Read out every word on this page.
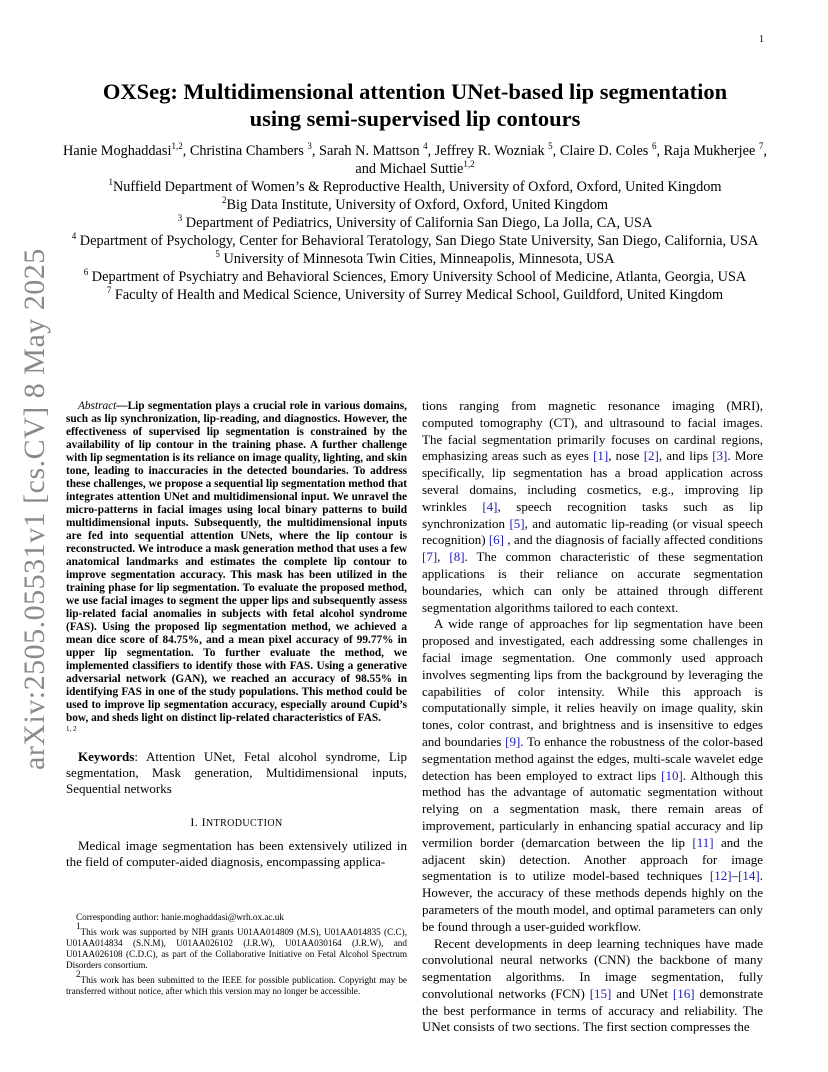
1
arXiv:2505.05531v1 [cs.CV] 8 May 2025
OXSeg: Multidimensional attention UNet-based lip segmentation
using semi-supervised lip contours
Hanie Moghaddasi$^{1,2}$, Christina Chambers $^3$, Sarah N. Mattson $^4$, Jeffrey R. Wozniak $^5$, Claire D. Coles $^6$, Raja Mukherjee $^7$, and Michael Suttie$^{1,2}$
$^1$Nuffield Department of Women’s & Reproductive Health, University of Oxford, Oxford, United Kingdom
$^2$Big Data Institute, University of Oxford, Oxford, United Kingdom
$^3$ Department of Pediatrics, University of California San Diego, La Jolla, CA, USA
$^4$ Department of Psychology, Center for Behavioral Teratology, San Diego State University, San Diego, California, USA
$^5$ University of Minnesota Twin Cities, Minneapolis, Minnesota, USA
$^6$ Department of Psychiatry and Behavioral Sciences, Emory University School of Medicine, Atlanta, Georgia, USA
$^7$ Faculty of Health and Medical Science, University of Surrey Medical School, Guildford, United Kingdom

Abstract—Lip segmentation plays a crucial role in various domains, such as lip synchronization, lip-reading, and diagnostics. However, the effectiveness of supervised lip segmentation is constrained by the availability of lip contour in the training phase. A further challenge with lip segmentation is its reliance on image quality, lighting, and skin tone, leading to inaccuracies in the detected boundaries. To address these challenges, we propose a sequential lip segmentation method that integrates attention UNet and multidimensional input. We unravel the micro-patterns in facial images using local binary patterns to build multidimensional inputs. Subsequently, the multidimensional inputs are fed into sequential attention UNets, where the lip contour is reconstructed. We introduce a mask generation method that uses a few anatomical landmarks and estimates the complete lip contour to improve segmentation accuracy. This mask has been utilized in the training phase for lip segmentation. To evaluate the proposed method, we use facial images to segment the upper lips and subsequently assess lip-related facial anomalies in subjects with fetal alcohol syndrome (FAS). Using the proposed lip segmentation method, we achieved a mean dice score of 84.75%, and a mean pixel accuracy of 99.77% in upper lip segmentation. To further evaluate the method, we implemented classifiers to identify those with FAS. Using a generative adversarial network (GAN), we reached an accuracy of 98.55% in identifying FAS in one of the study populations. This method could be used to improve lip segmentation accuracy, especially around Cupid’s bow, and sheds light on distinct lip-related characteristics of FAS.

1, 2
Keywords: Attention UNet, Fetal alcohol syndrome, Lip segmentation, Mask generation, Multidimensional inputs, Sequential networks
I. INTRODUCTION
Medical image segmentation has been extensively utilized in the field of computer-aided diagnosis, encompassing applica-

Corresponding author: hanie.moghaddasi@wrh.ox.ac.uk

$^1$This work was supported by NIH grants U01AA014809 (M.S), U01AA014835 (C.C), U01AA014834 (S.N.M), U01AA026102 (J.R.W), U01AA030164 (J.R.W), and U01AA026108 (C.D.C), as part of the Collaborative Initiative on Fetal Alcohol Spectrum Disorders consortium.

$^2$This work has been submitted to the IEEE for possible publication. Copyright may be transferred without notice, after which this version may no longer be accessible.

tions ranging from magnetic resonance imaging (MRI), computed tomography (CT), and ultrasound to facial images. The facial segmentation primarily focuses on cardinal regions, emphasizing areas such as eyes [1], nose [2], and lips [3]. More specifically, lip segmentation has a broad application across several domains, including cosmetics, e.g., improving lip wrinkles [4], speech recognition tasks such as lip synchronization [5], and automatic lip-reading (or visual speech recognition) [6] , and the diagnosis of facially affected conditions [7], [8]. The common characteristic of these segmentation applications is their reliance on accurate segmentation boundaries, which can only be attained through different segmentation algorithms tailored to each context.

A wide range of approaches for lip segmentation have been proposed and investigated, each addressing some challenges in facial image segmentation. One commonly used approach involves segmenting lips from the background by leveraging the capabilities of color intensity. While this approach is computationally simple, it relies heavily on image quality, skin tones, color contrast, and brightness and is insensitive to edges and boundaries [9]. To enhance the robustness of the color-based segmentation method against the edges, multi-scale wavelet edge detection has been employed to extract lips [10]. Although this method has the advantage of automatic segmentation without relying on a segmentation mask, there remain areas of improvement, particularly in enhancing spatial accuracy and lip vermilion border (demarcation between the lip [11] and the adjacent skin) detection. Another approach for image segmentation is to utilize model-based techniques [12]–[14]. However, the accuracy of these methods depends highly on the parameters of the mouth model, and optimal parameters can only be found through a user-guided workflow.

Recent developments in deep learning techniques have made convolutional neural networks (CNN) the backbone of many segmentation algorithms. In image segmentation, fully convolutional networks (FCN) [15] and UNet [16] demonstrate the best performance in terms of accuracy and reliability. The UNet consists of two sections. The first section compresses the
